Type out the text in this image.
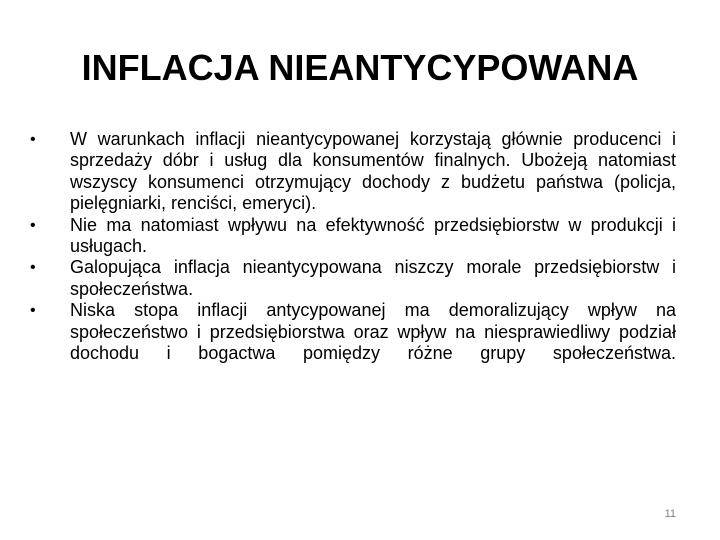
INFLACJA NIEANTYCYPOWANA
•	W warunkach inflacji nieantycypowanej korzystają głównie producenci i sprzedaży dóbr i usług dla konsumentów finalnych. Ubożeją natomiast wszyscy konsumenci otrzymujący dochody z budżetu państwa (policja, pielęgniarki, renciści, emeryci).
•	Nie ma natomiast wpływu na efektywność przedsiębiorstw w produkcji i usługach.
•	Galopująca inflacja nieantycypowana niszczy morale przedsiębiorstw i społeczeństwa.
•	Niska stopa inflacji antycypowanej ma demoralizujący wpływ na społeczeństwo i przedsiębiorstwa oraz wpływ na niesprawiedliwy podział dochodu i bogactwa pomiędzy różne grupy społeczeństwa.
11
